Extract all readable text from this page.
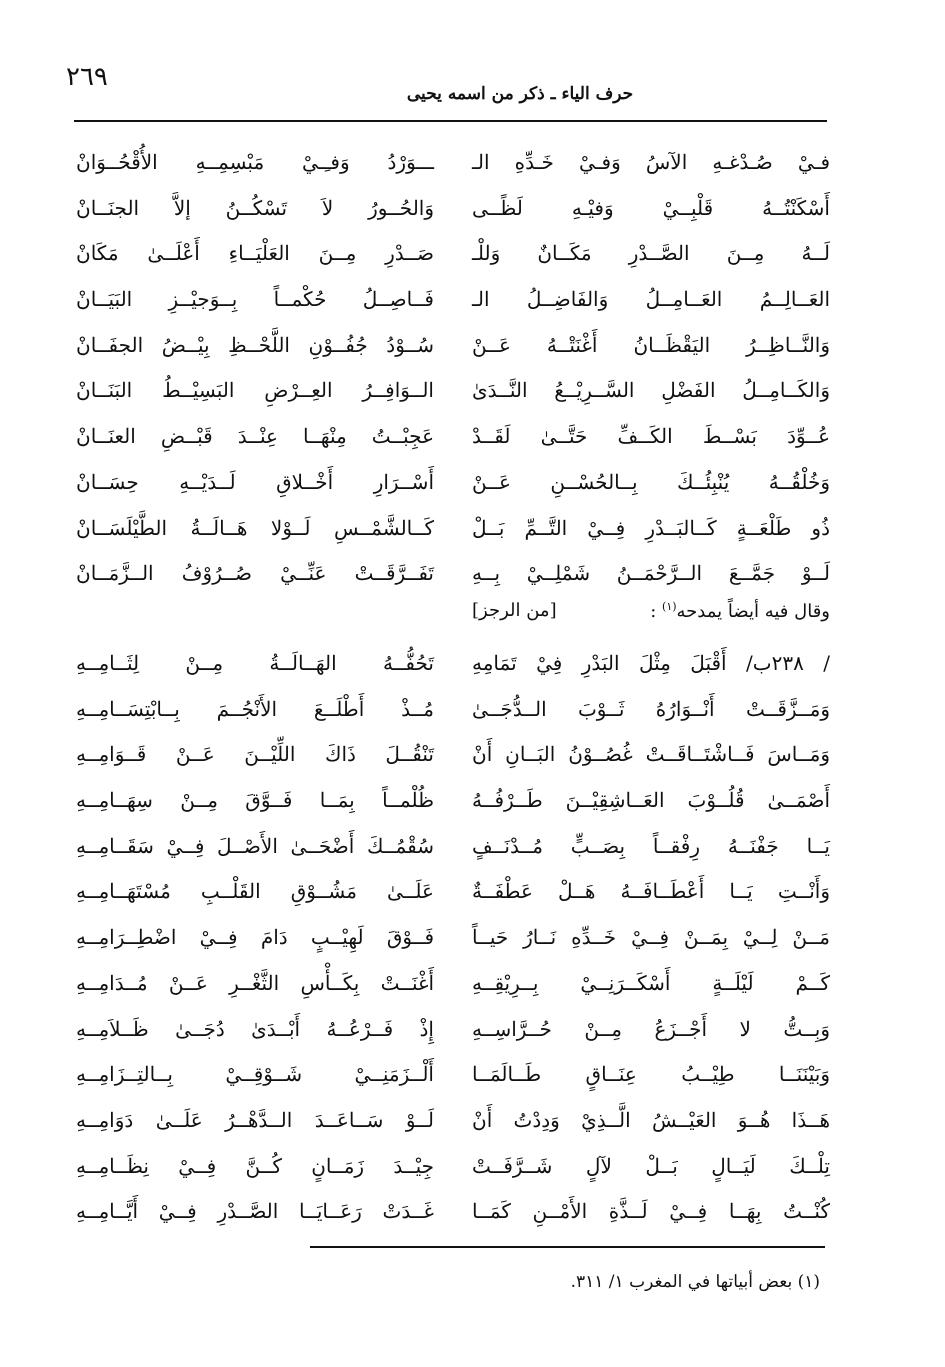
٢٦٩
حرف الياء ـ ذكر من اسمه يحيى
فـيْ صُـدْغـهِ الآسُ وَفـيْ خَـدِّهِ الـ
أَسْكَنْتُــهُ قَلْبِــيْ وَفيْـهِ لَظًــى
لَــهُ مِــنَ الصَّــدْرِ مَكَــانٌ وَللْـ
العَــالِــمُ العَــامِــلُ وَالفَاضِــلُ الـ
وَالنَّــاظِــرُ اليَقْظَــانُ أَغْنَتْــهُ عَــنْ
وَالكَــامِــلُ الفَضْلِ السَّــرِيْــعُ النَّــدَىٰ
عُــوِّدَ بَسْــطَ الكَــفِّ حَتَّــىٰ لَقَــدْ
وَخُلْقُــهُ يُنْبِئُــكَ بِــالحُسْــنِ عَــنْ
ذُو طَلْعَــةٍ كَــالبَــدْرِ فِــيْ التَّــمِّ بَــلْ
لَــوْ جَمَّــعَ الــرَّحْمَــنُ شَمْلِــيْ بِــهِ
ـــوَرْدُ وَفـِـيْ مَبْسِمِــهِ الأُقْحُــوَانْ
وَالحُــورُ لاَ تَسْكُــنُ إلاَّ الجنَــانْ
صَــدْرِ مِــنَ العَلْيَــاءِ أَعْلَــىٰ مَكَانْ
فَــاصِــلُ حُكْمــاً بِــوَجيْــزِ البَيَــانْ
سُــوْدُ جُفُــوْنِ اللَّحْــظِ بِيْــضُ الجفَــانْ
الــوَافِــرُ العِــرْضِ البَسِيْــطُ البَنَــانْ
عَجِبْــتُ مِنْهَــا عِنْــدَ قَبْــضِ العنَــانْ
أَسْــرَارِ أَخْــلاقِ لَــدَيْــهِ حِسَــانْ
كَــالشَّمْــسِ لَــوْلا هَــالَــةُ الطَّيْلَسَــانْ
تَفَــرَّقَــتْ عَنِّــيْ صُــرُوْفُ الــزَّمَــانْ
وقال فيه أيضاً يمدحه$^{(١)}$ :
[من الرجز]
/ ٢٣٨ب/ أَقْبَلَ مِثْلَ البَدْرِ فِيْ تَمَامِهِ
وَمَــزَّقَــتْ أَنْــوَارُهُ ثَــوْبَ الــدُّجَــىٰ
وَمَــاسَ فَــاشْتَــاقَــتْ غُصُــوْنُ البَــانِ أَنْ
أَصْمَــىٰ قُلُــوْبَ العَــاشِقِيْــنَ طَــرْفُــهُ
يَــا جَفْنَــهُ رِفْقــاً بِصَــبٍّ مُــدْنَــفٍ
وَأَنْــتِ يَــا أَعْطَــافَــهُ هَــلْ عَطْفَــةٌ
مَــنْ لِــيْ بِمَــنْ فِــيْ خَــدِّهِ نَــارُ حَيــاً
كَــمْ لَيْلَــةٍ أَسْكَــرَنِــيْ بِــرِيْقِــهِ
وَبِــتُّ لا أَجْــزَعُ مِــنْ حُــرَّاسِــهِ
وَبَيْنَنَــا طِيْــبُ عِنَــاقٍ طَــالَمَــا
هَــذَا هُــوَ العَيْــشُ الَّــذِيْ وَدِدْتُ أَنْ
تِلْــكَ لَيَــالٍ بَــلْ لآلٍ شَــرَّفَــتْ
كُنْــتُ بِهَــا فِــيْ لَــذَّةِ الأَمْــنِ كَمَــا
تَحُفُّــهُ الهَــالَــةُ مِــنْ لِثَــامِــهِ
مُــذْ أَطْلَــعَ الأَنْجُــمَ بِــابْتِسَــامِــهِ
تَنْقُــلَ ذَاكَ اللِّيْــنَ عَــنْ قَــوَامِــهِ
ظُلْمــاً بِمَــا فَــوَّقَ مِــنْ سِهَــامِــهِ
سُقْمُــكَ أَضْحَــىٰ الأَصْــلَ فِــيْ سَقَــامِــهِ
عَلَــىٰ مَشُــوْقِ القَلْــبِ مُسْتَهَــامِــهِ
فَــوْقَ لَهِيْــبٍ دَامَ فِــيْ اضْطِــرَامِــهِ
أَغْنَــتْ بِكَــأْسِ الثَّغْــرِ عَــنْ مُــدَامِــهِ
إِذْ فَــرْعُــهُ أَبْــدَىٰ دُجَــىٰ ظَــلاَمِــهِ
أَلْــزَمَنِــيْ شَــوْقِــيْ بِــالتِــزَامِــهِ
لَــوْ سَــاعَــدَ الــدَّهْــرُ عَلَــىٰ دَوَامِــهِ
جِيْــدَ زَمَــانٍ كُــنَّ فِــيْ نِظَــامِــهِ
غَــدَتْ رَعَــايَــا الصَّــدْرِ فِــيْ أَيَّــامِــهِ
(١) بعض أبياتها في المغرب ١/ ٣١١.
